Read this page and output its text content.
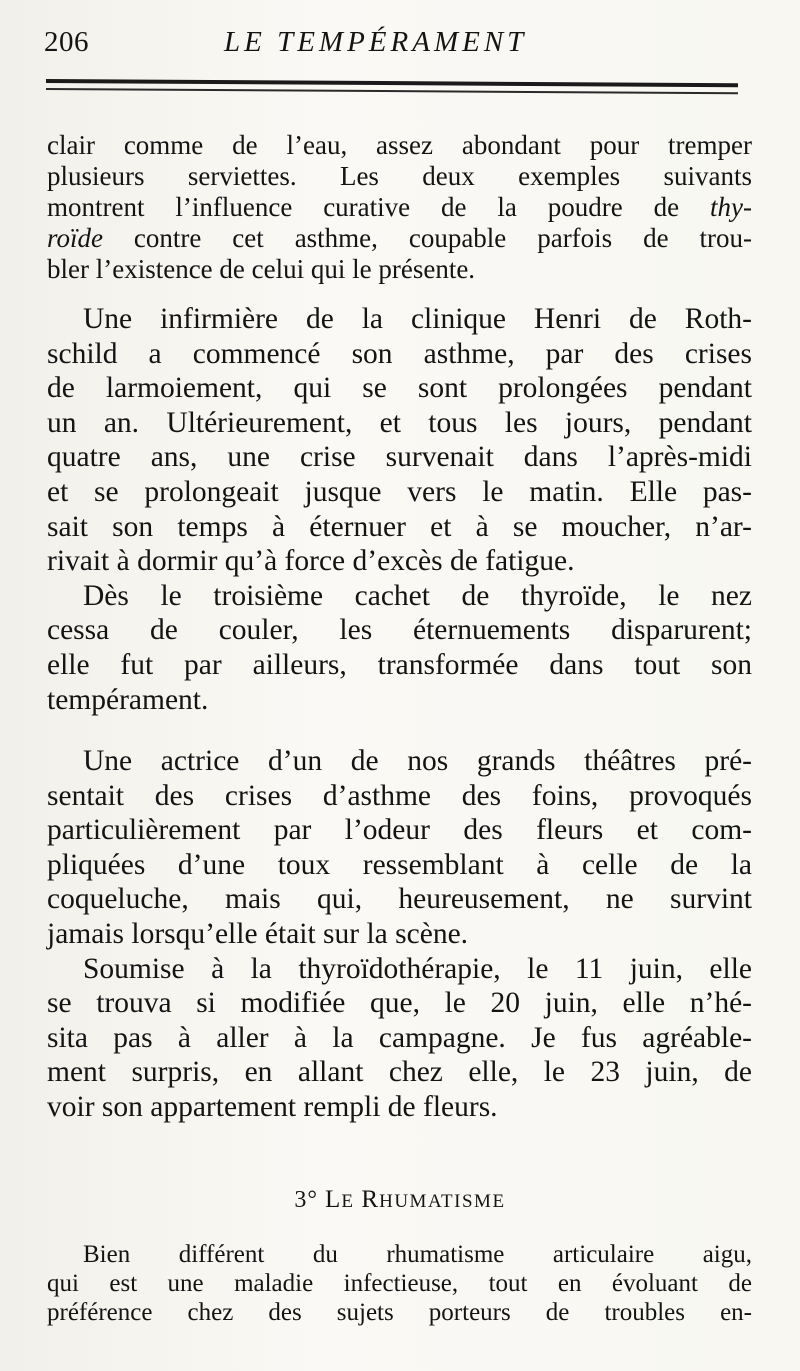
206	LE TEMPÉRAMENT

clair comme de l’eau, assez abondant pour tremper
plusieurs serviettes. Les deux exemples suivants
montrent l’influence curative de la poudre de thy-
roïde contre cet asthme, coupable parfois de trou-
bler l’existence de celui qui le présente.

Une infirmière de la clinique Henri de Roth-
schild a commencé son asthme, par des crises
de larmoiement, qui se sont prolongées pendant
un an. Ultérieurement, et tous les jours, pendant
quatre ans, une crise survenait dans l’après-midi
et se prolongeait jusque vers le matin. Elle pas-
sait son temps à éternuer et à se moucher, n’ar-
rivait à dormir qu’à force d’excès de fatigue.
Dès le troisième cachet de thyroïde, le nez
cessa de couler, les éternuements disparurent;
elle fut par ailleurs, transformée dans tout son
tempérament.

Une actrice d’un de nos grands théâtres pré-
sentait des crises d’asthme des foins, provoqués
particulièrement par l’odeur des fleurs et com-
pliquées d’une toux ressemblant à celle de la
coqueluche, mais qui, heureusement, ne survint
jamais lorsqu’elle était sur la scène.
Soumise à la thyroïdothérapie, le 11 juin, elle
se trouva si modifiée que, le 20 juin, elle n’hé-
sita pas à aller à la campagne. Je fus agréable-
ment surpris, en allant chez elle, le 23 juin, de
voir son appartement rempli de fleurs.

3° LE RHUMATISME

Bien différent du rhumatisme articulaire aigu,
qui est une maladie infectieuse, tout en évoluant de
préférence chez des sujets porteurs de troubles en-
